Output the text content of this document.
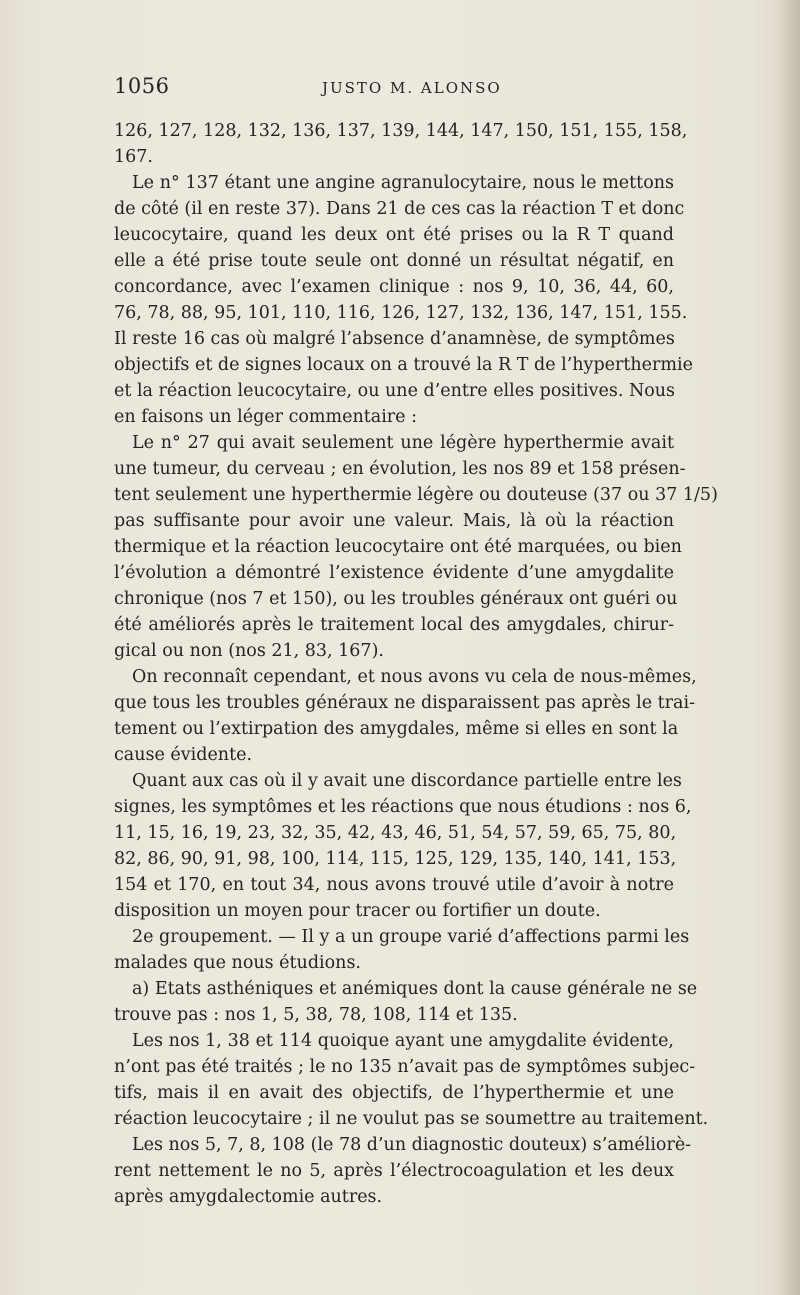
1056	JUSTO M. ALONSO
126, 127, 128, 132, 136, 137, 139, 144, 147, 150, 151, 155, 158,
167.
Le n° 137 étant une angine agranulocytaire, nous le mettons
de côté (il en reste 37). Dans 21 de ces cas la réaction T et donc
leucocytaire, quand les deux ont été prises ou la R T quand
elle a été prise toute seule ont donné un résultat négatif, en
concordance, avec l’examen clinique : nos 9, 10, 36, 44, 60,
76, 78, 88, 95, 101, 110, 116, 126, 127, 132, 136, 147, 151, 155.
Il reste 16 cas où malgré l’absence d’anamnèse, de symptômes
objectifs et de signes locaux on a trouvé la R T de l’hyperthermie
et la réaction leucocytaire, ou une d’entre elles positives. Nous
en faisons un léger commentaire :
Le n° 27 qui avait seulement une légère hyperthermie avait
une tumeur, du cerveau ; en évolution, les nos 89 et 158 présen-
tent seulement une hyperthermie légère ou douteuse (37 ou 37 1/5)
pas suffisante pour avoir une valeur. Mais, là où la réaction
thermique et la réaction leucocytaire ont été marquées, ou bien
l’évolution a démontré l’existence évidente d’une amygdalite
chronique (nos 7 et 150), ou les troubles généraux ont guéri ou
été améliorés après le traitement local des amygdales, chirur-
gical ou non (nos 21, 83, 167).
On reconnaît cependant, et nous avons vu cela de nous-mêmes,
que tous les troubles généraux ne disparaissent pas après le trai-
tement ou l’extirpation des amygdales, même si elles en sont la
cause évidente.
Quant aux cas où il y avait une discordance partielle entre les
signes, les symptômes et les réactions que nous étudions : nos 6,
11, 15, 16, 19, 23, 32, 35, 42, 43, 46, 51, 54, 57, 59, 65, 75, 80,
82, 86, 90, 91, 98, 100, 114, 115, 125, 129, 135, 140, 141, 153,
154 et 170, en tout 34, nous avons trouvé utile d’avoir à notre
disposition un moyen pour tracer ou fortifier un doute.
2e groupement. — Il y a un groupe varié d’affections parmi les
malades que nous étudions.
a) Etats asthéniques et anémiques dont la cause générale ne se
trouve pas : nos 1, 5, 38, 78, 108, 114 et 135.
Les nos 1, 38 et 114 quoique ayant une amygdalite évidente,
n’ont pas été traités ; le no 135 n’avait pas de symptômes subjec-
tifs, mais il en avait des objectifs, de l’hyperthermie et une
réaction leucocytaire ; il ne voulut pas se soumettre au traitement.
Les nos 5, 7, 8, 108 (le 78 d’un diagnostic douteux) s’améliorè-
rent nettement le no 5, après l’électrocoagulation et les deux
après amygdalectomie autres.
